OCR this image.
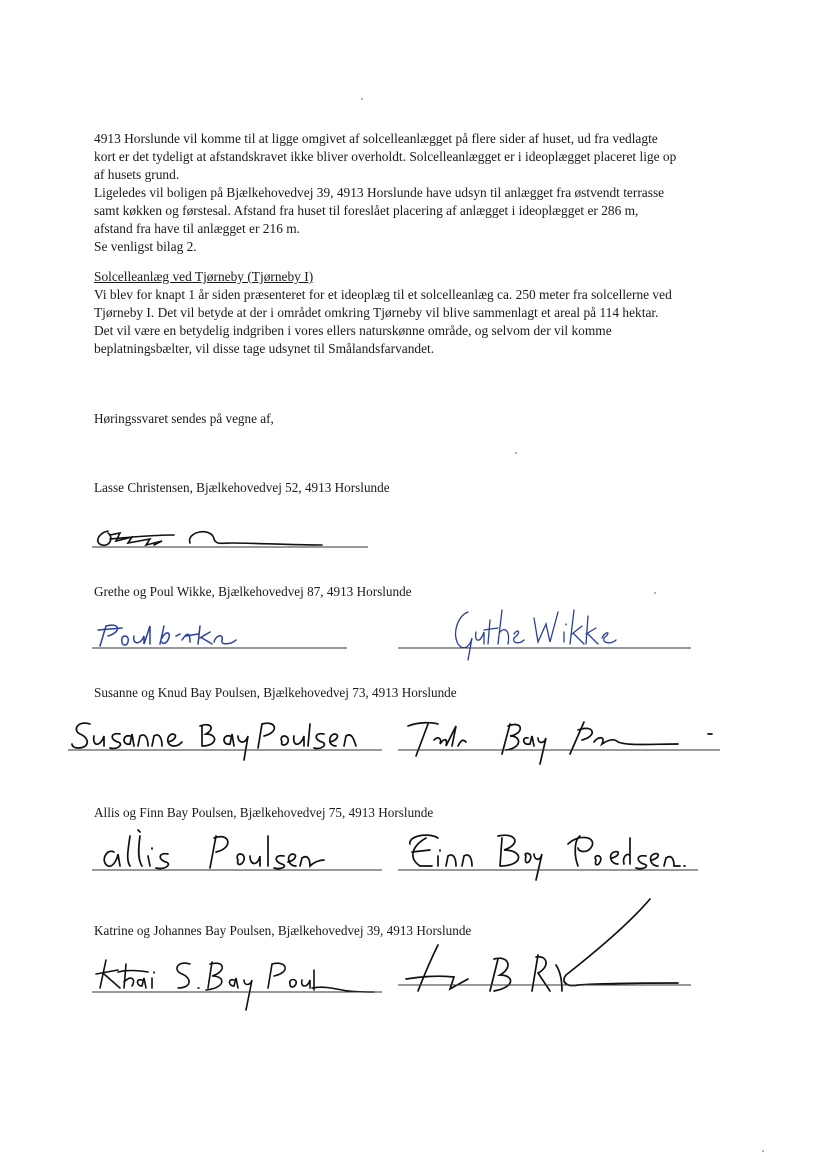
4913 Horslunde vil komme til at ligge omgivet af solcelleanlægget på flere sider af huset, ud fra vedlagte
kort er det tydeligt at afstandskravet ikke bliver overholdt. Solcelleanlægget er i ideoplægget placeret lige op
af husets grund.
Ligeledes vil boligen på Bjælkehovedvej 39, 4913 Horslunde have udsyn til anlægget fra østvendt terrasse
samt køkken og førstesal. Afstand fra huset til foreslået placering af anlægget i ideoplægget er 286 m,
afstand fra have til anlægget er 216 m.
Se venligst bilag 2.
Solcelleanlæg ved Tjørneby (Tjørneby I)
Vi blev for knapt 1 år siden præsenteret for et ideoplæg til et solcelleanlæg ca. 250 meter fra solcellerne ved
Tjørneby I. Det vil betyde at der i området omkring Tjørneby vil blive sammenlagt et areal på 114 hektar.
Det vil være en betydelig indgriben i vores ellers naturskønne område, og selvom der vil komme
beplatningsbælter, vil disse tage udsynet til Smålandsfarvandet.

Høringssvaret sendes på vegne af,

Lasse Christensen, Bjælkehovedvej 52, 4913 Horslunde

Grethe og Poul Wikke, Bjælkehovedvej 87, 4913 Horslunde

Susanne og Knud Bay Poulsen, Bjælkehovedvej 73, 4913 Horslunde

Allis og Finn Bay Poulsen, Bjælkehovedvej 75, 4913 Horslunde

Katrine og Johannes Bay Poulsen, Bjælkehovedvej 39, 4913 Horslunde
